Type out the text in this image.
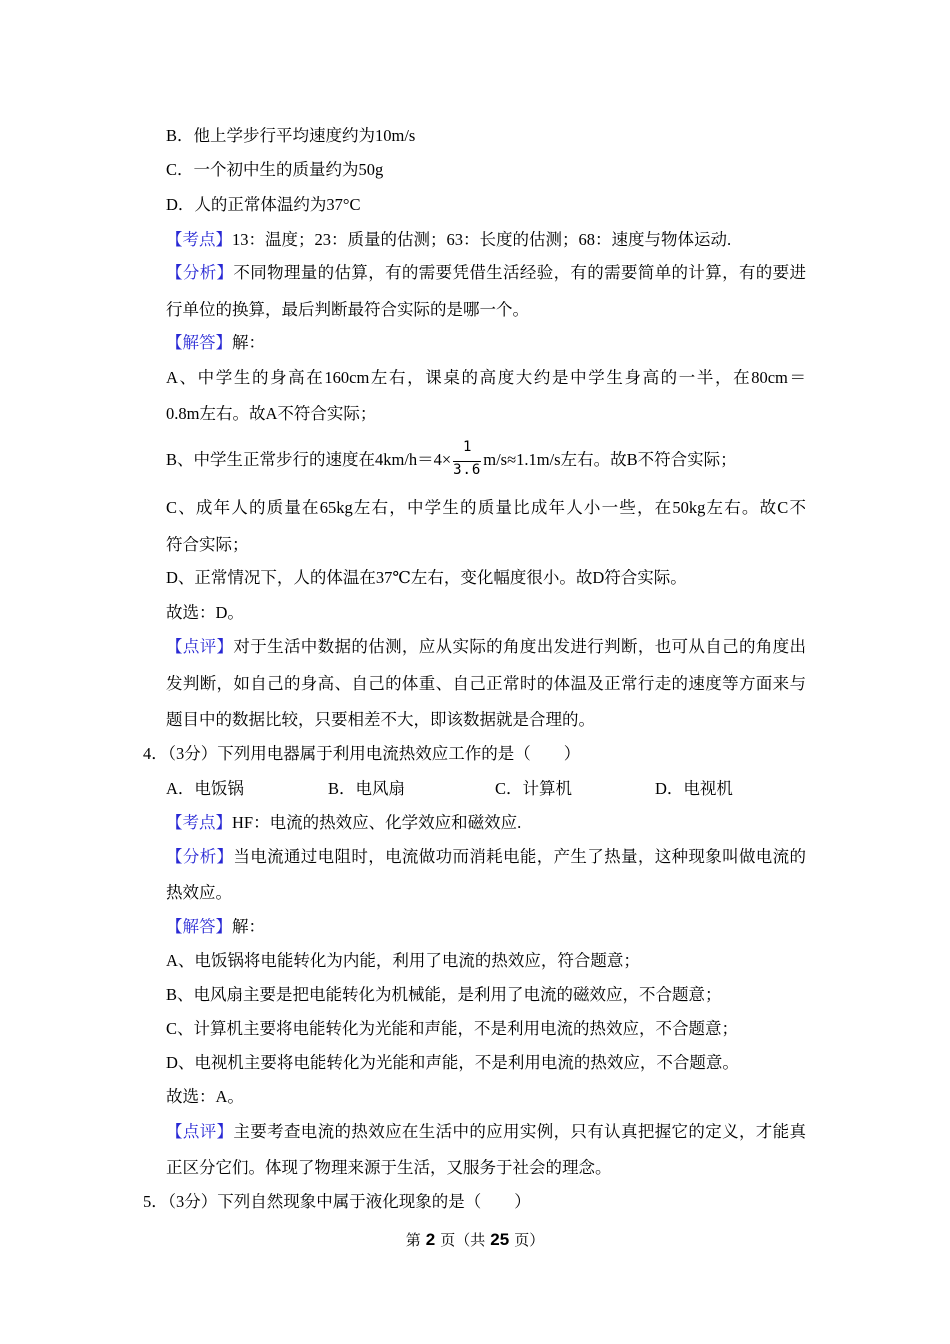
B．他上学步行平均速度约为10m/s
C．一个初中生的质量约为50g
D．人的正常体温约为37°C
【考点】13：温度；23：质量的估测；63：长度的估测；68：速度与物体运动.
【分析】不同物理量的估算，有的需要凭借生活经验，有的需要简单的计算，有的要进
行单位的换算，最后判断最符合实际的是哪一个。
【解答】解：
A、中学生的身高在160cm左右，课桌的高度大约是中学生身高的一半，在80cm＝
0.8m左右。故A不符合实际；
B、中学生正常步行的速度在$4km/h=4\times \frac{1}{3.6} m/s\approx 1.1m/s$左右。故B不符合实际；
C、成年人的质量在65kg左右，中学生的质量比成年人小一些，在50kg左右。故C不
符合实际；
D、正常情况下，人的体温在37℃左右，变化幅度很小。故D符合实际。
故选：D。
【点评】对于生活中数据的估测，应从实际的角度出发进行判断，也可从自己的角度出
发判断，如自己的身高、自己的体重、自己正常时的体温及正常行走的速度等方面来与
题目中的数据比较，只要相差不大，即该数据就是合理的。
4．（3分）下列用电器属于利用电流热效应工作的是（　　）
A．电饭锅	B．电风扇	C．计算机	D．电视机
【考点】HF：电流的热效应、化学效应和磁效应.
【分析】当电流通过电阻时，电流做功而消耗电能，产生了热量，这种现象叫做电流的
热效应。
【解答】解：
A、电饭锅将电能转化为内能，利用了电流的热效应，符合题意；
B、电风扇主要是把电能转化为机械能，是利用了电流的磁效应，不合题意；
C、计算机主要将电能转化为光能和声能，不是利用电流的热效应，不合题意；
D、电视机主要将电能转化为光能和声能，不是利用电流的热效应，不合题意。
故选：A。
【点评】主要考查电流的热效应在生活中的应用实例，只有认真把握它的定义，才能真
正区分它们。体现了物理来源于生活，又服务于社会的理念。
5．（3分）下列自然现象中属于液化现象的是（　　）
第 2 页（共 25 页）
